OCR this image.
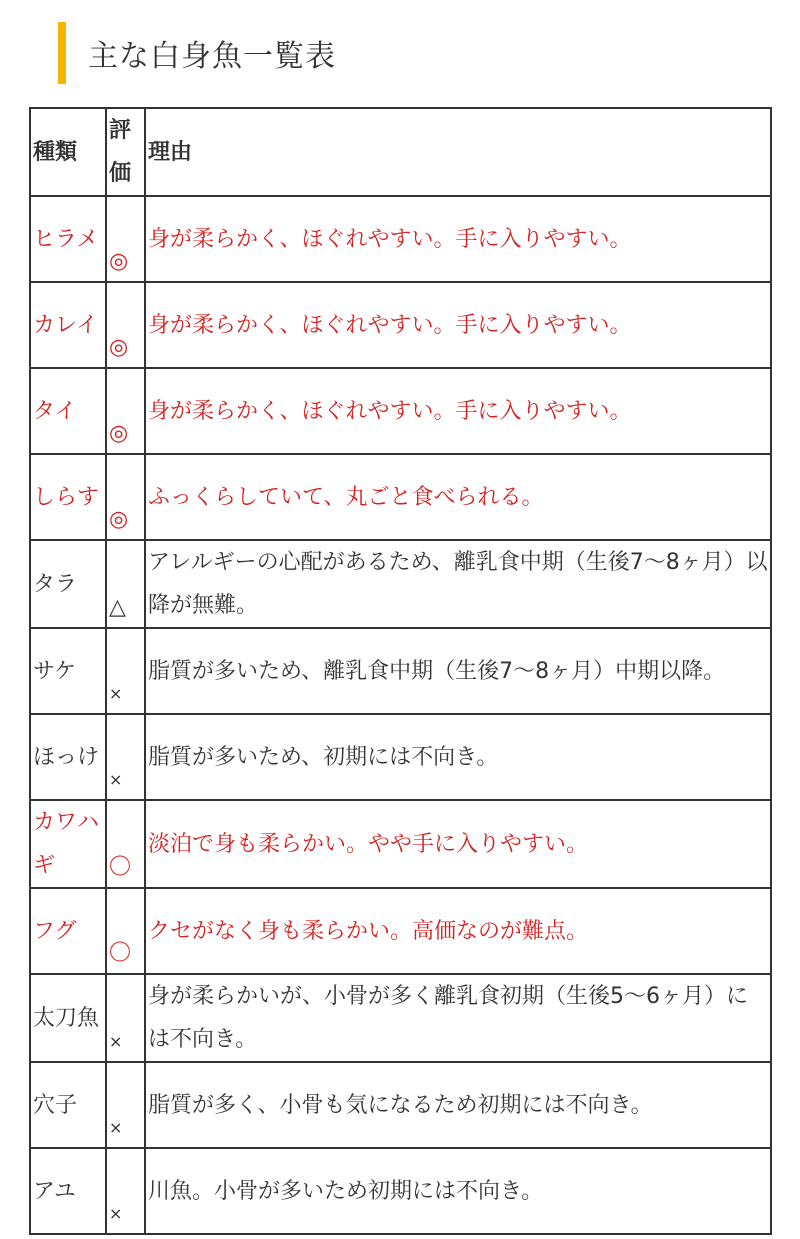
主な白身魚一覧表
種類	評価	理由
ヒラメ	◎	身が柔らかく、ほぐれやすい。手に入りやすい。
カレイ	◎	身が柔らかく、ほぐれやすい。手に入りやすい。
タイ	◎	身が柔らかく、ほぐれやすい。手に入りやすい。
しらす	◎	ふっくらしていて、丸ごと食べられる。
タラ	△	アレルギーの心配があるため、離乳食中期（生後7〜8ヶ月）以降が無難。
サケ	×	脂質が多いため、離乳食中期（生後7〜8ヶ月）中期以降。
ほっけ	×	脂質が多いため、初期には不向き。
カワハギ	〇	淡泊で身も柔らかい。やや手に入りやすい。
フグ	〇	クセがなく身も柔らかい。高価なのが難点。
太刀魚	×	身が柔らかいが、小骨が多く離乳食初期（生後5〜6ヶ月）には不向き。
穴子	×	脂質が多く、小骨も気になるため初期には不向き。
アユ	×	川魚。小骨が多いため初期には不向き。
